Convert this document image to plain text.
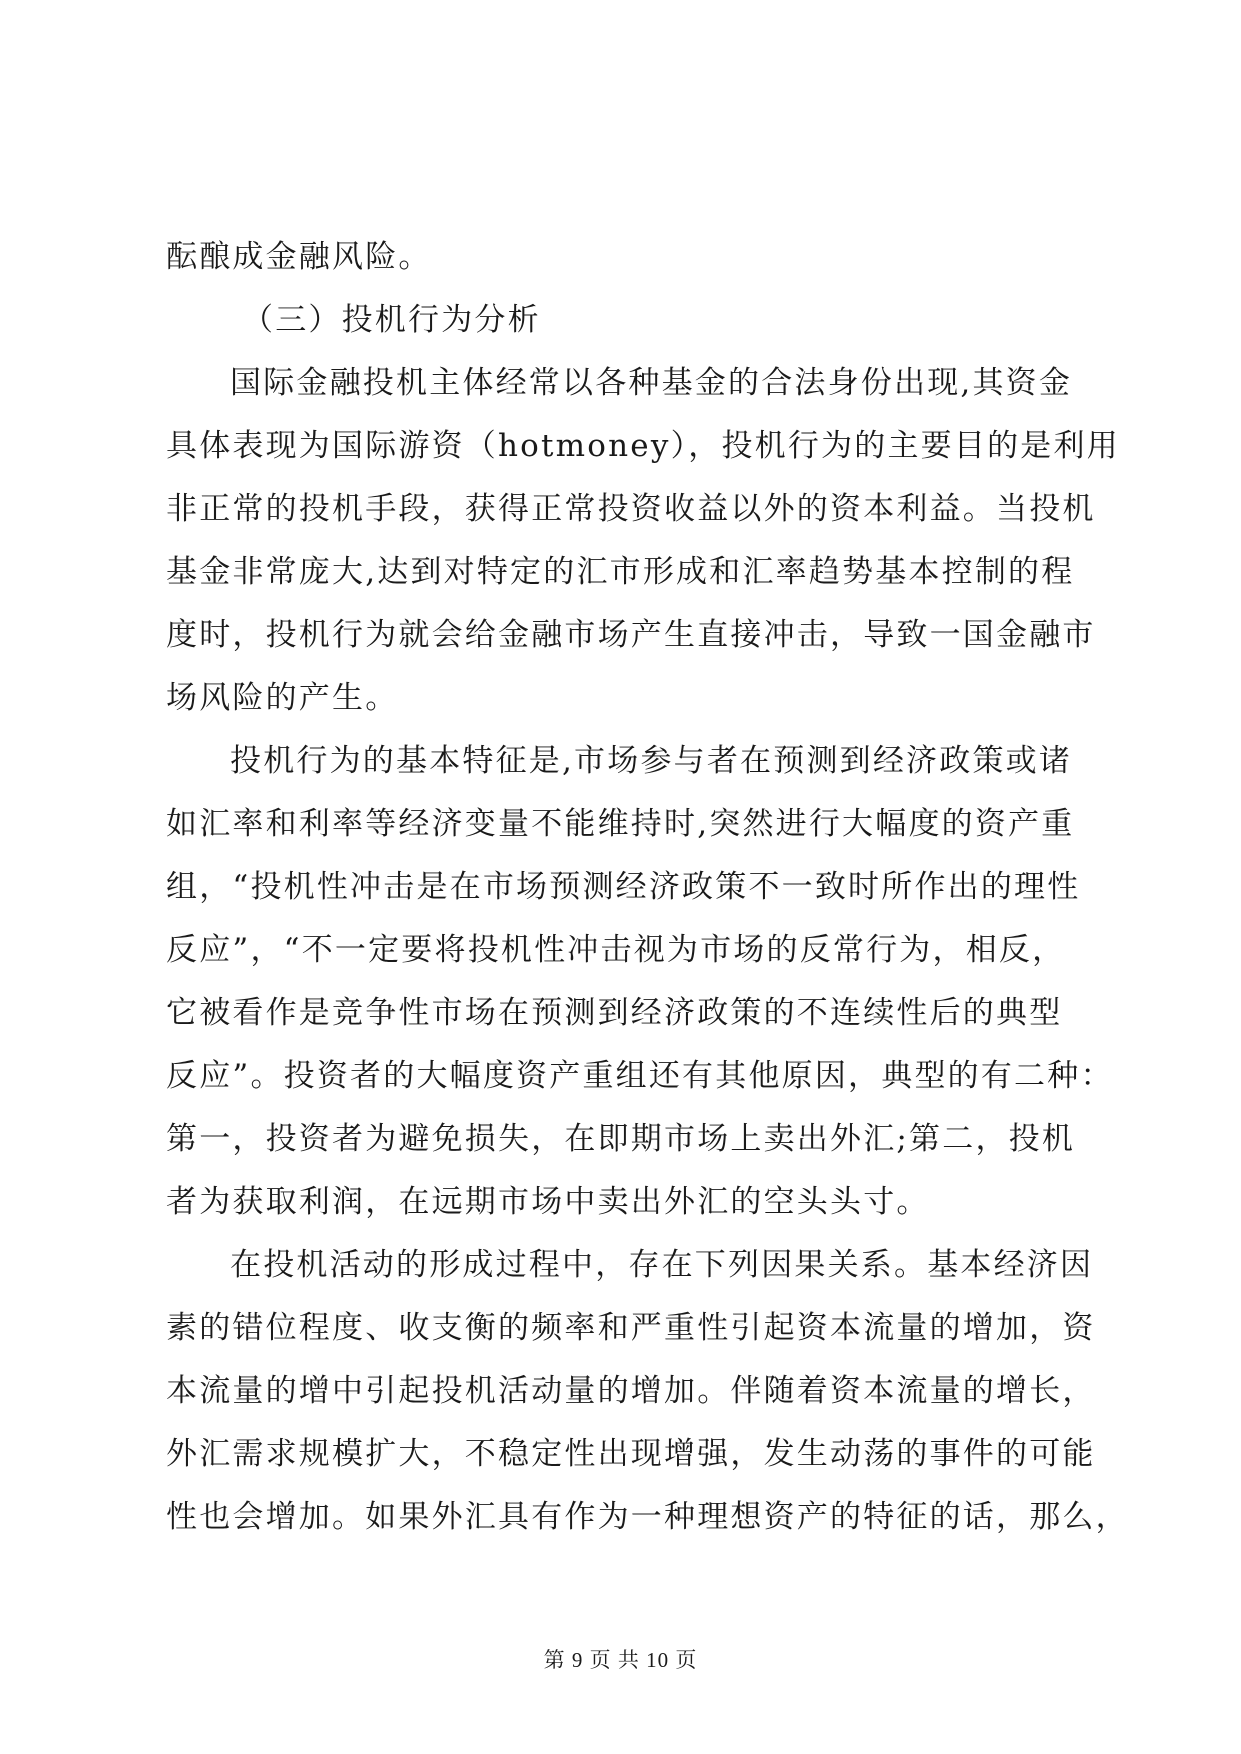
酝酿成金融风险。
（三）投机行为分析
国际金融投机主体经常以各种基金的合法身份出现,其资金
具体表现为国际游资（hotmoney），投机行为的主要目的是利用
非正常的投机手段，获得正常投资收益以外的资本利益。当投机
基金非常庞大,达到对特定的汇市形成和汇率趋势基本控制的程
度时，投机行为就会给金融市场产生直接冲击，导致一国金融市
场风险的产生。
投机行为的基本特征是,市场参与者在预测到经济政策或诸
如汇率和利率等经济变量不能维持时,突然进行大幅度的资产重
组，“投机性冲击是在市场预测经济政策不一致时所作出的理性
反应”，“不一定要将投机性冲击视为市场的反常行为，相反，
它被看作是竞争性市场在预测到经济政策的不连续性后的典型
反应”。投资者的大幅度资产重组还有其他原因，典型的有二种：
第一，投资者为避免损失，在即期市场上卖出外汇;第二，投机
者为获取利润，在远期市场中卖出外汇的空头头寸。
在投机活动的形成过程中，存在下列因果关系。基本经济因
素的错位程度、收支衡的频率和严重性引起资本流量的增加，资
本流量的增中引起投机活动量的增加。伴随着资本流量的增长，
外汇需求规模扩大，不稳定性出现增强，发生动荡的事件的可能
性也会增加。如果外汇具有作为一种理想资产的特征的话，那么，
第 9 页 共 10 页
